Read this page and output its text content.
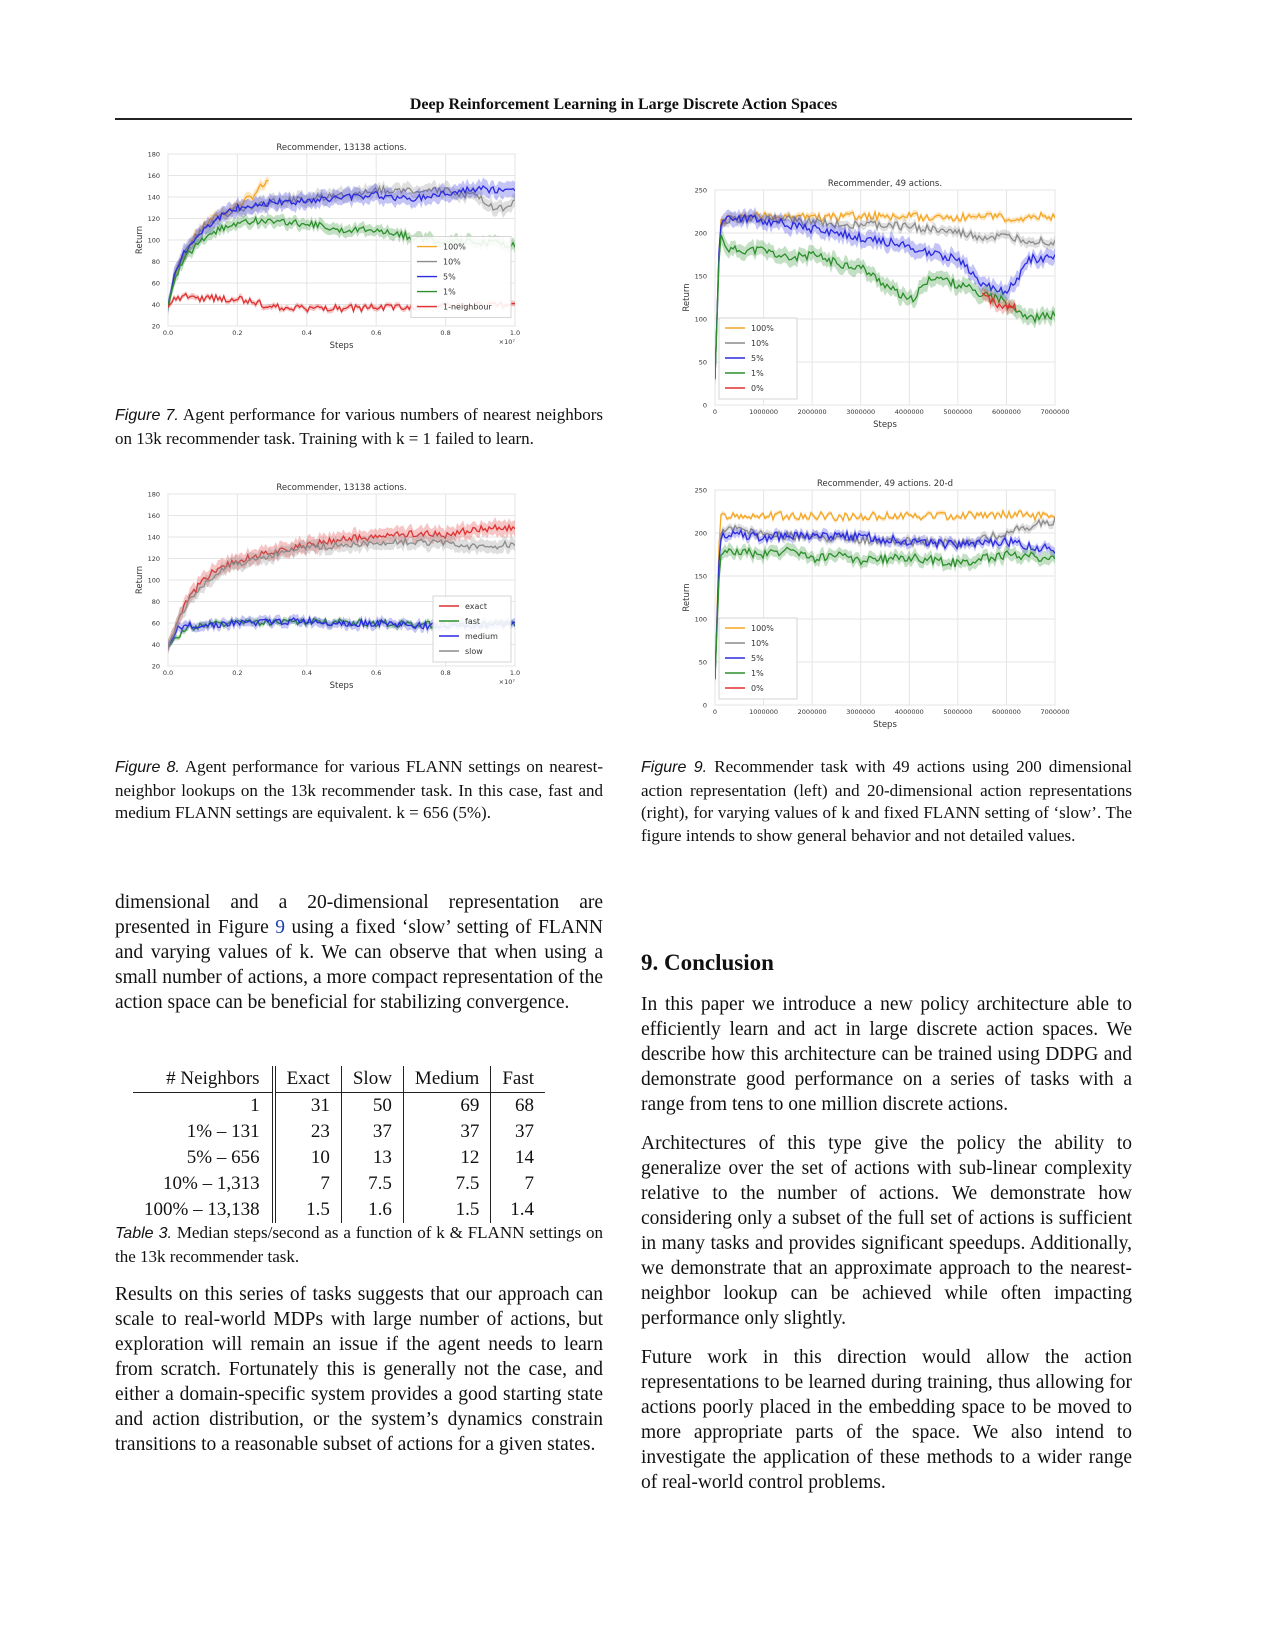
Deep Reinforcement Learning in Large Discrete Action Spaces
0.0	0.2	0.4	0.6	0.8	1.0
20
40
60
80
100
120
140
160
180
Recommender, 13138 actions.
Steps
Return
×10⁷
100%
10%
5%
1%
1-neighbour
0.0	0.2	0.4	0.6	0.8	1.0
20
40
60
80
100
120
140
160
180
Recommender, 13138 actions.
Steps
Return
×10⁷
exact
fast
medium
slow
0	1000000	2000000	3000000	4000000	5000000	6000000	7000000
0
50
100
150
200
250
Recommender, 49 actions.
Steps
Return
100%
10%
5%
1%
0%
0	1000000	2000000	3000000	4000000	5000000	6000000	7000000
0
50
100
150
200
250
Recommender, 49 actions. 20-d
Steps
Return
100%
10%
5%
1%
0%
Figure 7. Agent performance for various numbers of nearest neighbors on 13k recommender task. Training with k = 1 failed to learn.
Figure 8. Agent performance for various FLANN settings on nearest-neighbor lookups on the 13k recommender task. In this case, fast and medium FLANN settings are equivalent. k = 656 (5%).
Figure 9. Recommender task with 49 actions using 200 dimensional action representation (left) and 20-dimensional action representations (right), for varying values of k and fixed FLANN setting of ‘slow’. The figure intends to show general behavior and not detailed values.

dimensional and a 20-dimensional representation are presented in Figure 9 using a fixed ‘slow’ setting of FLANN and varying values of k. We can observe that when using a small number of actions, a more compact representation of the action space can be beneficial for stabilizing convergence.

# Neighbors	Exact	Slow	Medium	Fast
1	31	50	69	68
1% – 131	23	37	37	37
5% – 656	10	13	12	14
10% – 1,313	7	7.5	7.5	7
100% – 13,138	1.5	1.6	1.5	1.4
Table 3. Median steps/second as a function of k & FLANN settings on the 13k recommender task.

Results on this series of tasks suggests that our approach can scale to real-world MDPs with large number of actions, but exploration will remain an issue if the agent needs to learn from scratch. Fortunately this is generally not the case, and either a domain-specific system provides a good starting state and action distribution, or the system’s dynamics constrain transitions to a reasonable subset of actions for a given states.

9. Conclusion

In this paper we introduce a new policy architecture able to efficiently learn and act in large discrete action spaces. We describe how this architecture can be trained using DDPG and demonstrate good performance on a series of tasks with a range from tens to one million discrete actions.

Architectures of this type give the policy the ability to generalize over the set of actions with sub-linear complexity relative to the number of actions. We demonstrate how considering only a subset of the full set of actions is sufficient in many tasks and provides significant speedups. Additionally, we demonstrate that an approximate approach to the nearest-neighbor lookup can be achieved while often impacting performance only slightly.

Future work in this direction would allow the action representations to be learned during training, thus allowing for actions poorly placed in the embedding space to be moved to more appropriate parts of the space. We also intend to investigate the application of these methods to a wider range of real-world control problems.
